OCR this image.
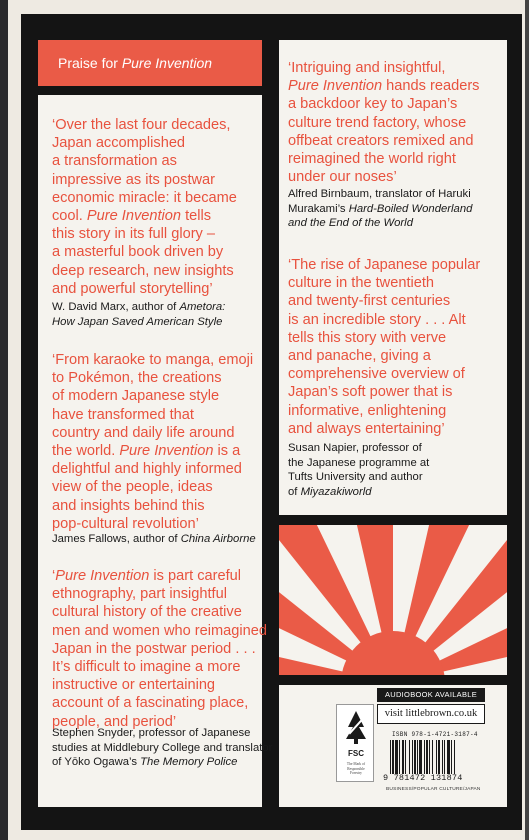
Praise for Pure Invention
‘Over the last four decades,
Japan accomplished
a transformation as
impressive as its postwar
economic miracle: it became
cool. Pure Invention tells
this story in its full glory –
a masterful book driven by
deep research, new insights
and powerful storytelling’
W. David Marx, author of Ametora:
How Japan Saved American Style
‘From karaoke to manga, emoji
to Pokémon, the creations
of modern Japanese style
have transformed that
country and daily life around
the world. Pure Invention is a
delightful and highly informed
view of the people, ideas
and insights behind this
pop-cultural revolution’
James Fallows, author of China Airborne
‘Pure Invention is part careful
ethnography, part insightful
cultural history of the creative
men and women who reimagined
Japan in the postwar period . . .
It’s difficult to imagine a more
instructive or entertaining
account of a fascinating place,
people, and period’
Stephen Snyder, professor of Japanese
studies at Middlebury College and translator
of Yōko Ogawa’s The Memory Police
‘Intriguing and insightful,
Pure Invention hands readers
a backdoor key to Japan’s
culture trend factory, whose
offbeat creators remixed and
reimagined the world right
under our noses’
Alfred Birnbaum, translator of Haruki
Murakami’s Hard-Boiled Wonderland
and the End of the World
‘The rise of Japanese popular
culture in the twentieth
and twenty-first centuries
is an incredible story . . . Alt
tells this story with verve
and panache, giving a
comprehensive overview of
Japan’s soft power that is
informative, enlightening
and always entertaining’
Susan Napier, professor of
the Japanese programme at
Tufts University and author
of Miyazakiworld
FSC
The Mark of
Responsible
Forestry
AUDIOBOOK AVAILABLE
visit littlebrown.co.uk
ISBN 978-1-4721-3187-4
9 781472 131874
BUSINESS/POPULAR CULTURE/JAPAN
